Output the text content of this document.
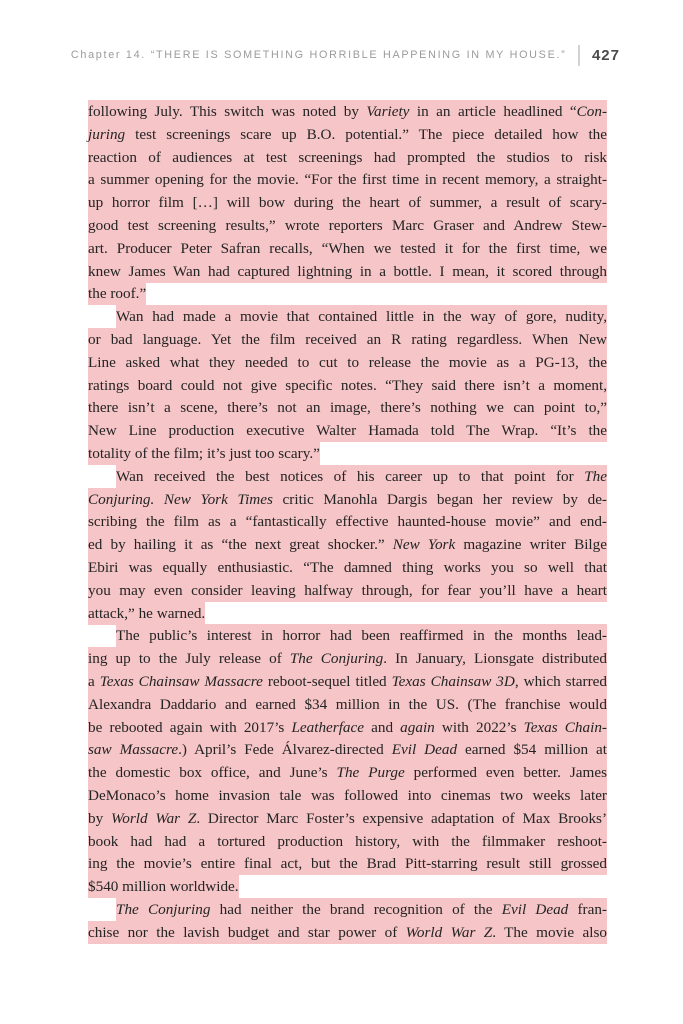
Chapter 14. “THERE IS SOMETHING HORRIBLE HAPPENING IN MY HOUSE.” 427
following July. This switch was noted by Variety in an article headlined “Con-
juring test screenings scare up B.O. potential.” The piece detailed how the
reaction of audiences at test screenings had prompted the studios to risk
a summer opening for the movie. “For the first time in recent memory, a straight-
up horror film […] will bow during the heart of summer, a result of scary-
good test screening results,” wrote reporters Marc Graser and Andrew Stew-
art. Producer Peter Safran recalls, “When we tested it for the first time, we
knew James Wan had captured lightning in a bottle. I mean, it scored through
the roof.”
Wan had made a movie that contained little in the way of gore, nudity,
or bad language. Yet the film received an R rating regardless. When New
Line asked what they needed to cut to release the movie as a PG-13, the
ratings board could not give specific notes. “They said there isn’t a moment,
there isn’t a scene, there’s not an image, there’s nothing we can point to,”
New Line production executive Walter Hamada told The Wrap. “It’s the
totality of the film; it’s just too scary.”
Wan received the best notices of his career up to that point for The
Conjuring. New York Times critic Manohla Dargis began her review by de-
scribing the film as a “fantastically effective haunted-house movie” and end-
ed by hailing it as “the next great shocker.” New York magazine writer Bilge
Ebiri was equally enthusiastic. “The damned thing works you so well that
you may even consider leaving halfway through, for fear you’ll have a heart
attack,” he warned.
The public’s interest in horror had been reaffirmed in the months lead-
ing up to the July release of The Conjuring. In January, Lionsgate distributed
a Texas Chainsaw Massacre reboot-sequel titled Texas Chainsaw 3D, which starred
Alexandra Daddario and earned $34 million in the US. (The franchise would
be rebooted again with 2017’s Leatherface and again with 2022’s Texas Chain-
saw Massacre.) April’s Fede Álvarez-directed Evil Dead earned $54 million at
the domestic box office, and June’s The Purge performed even better. James
DeMonaco’s home invasion tale was followed into cinemas two weeks later
by World War Z. Director Marc Foster’s expensive adaptation of Max Brooks’
book had had a tortured production history, with the filmmaker reshoot-
ing the movie’s entire final act, but the Brad Pitt-starring result still grossed
$540 million worldwide.
The Conjuring had neither the brand recognition of the Evil Dead fran-
chise nor the lavish budget and star power of World War Z. The movie also
